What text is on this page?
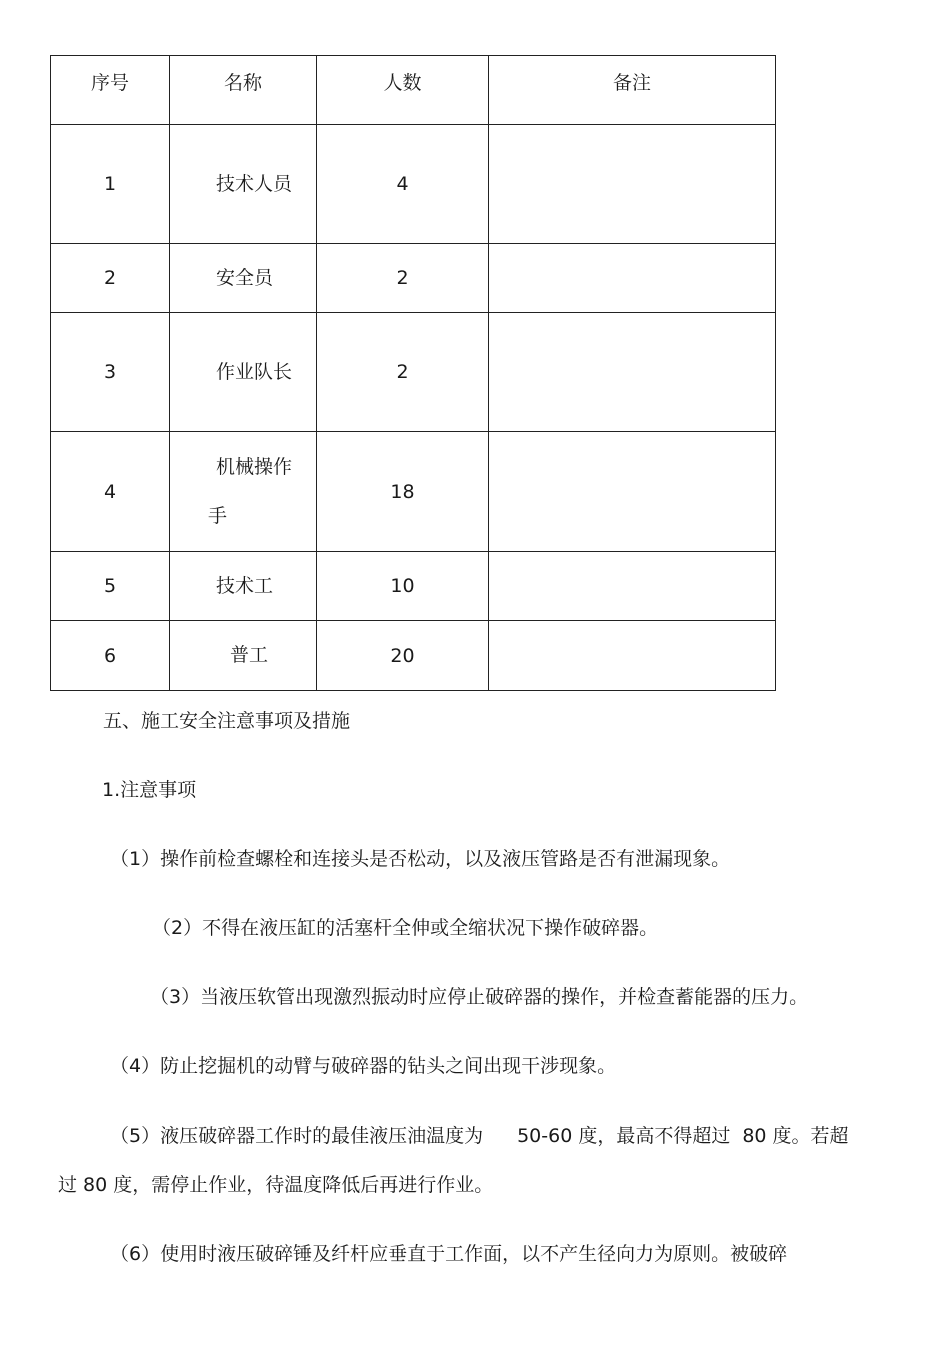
序号	名称	人数	备注
1	技术人员	4	
2	安全员	2	
3	作业队长	2	
4	机械操作手	18	
5	技术工	10	
6	普工	20	
五、施工安全注意事项及措施
1.注意事项
（1）操作前检查螺栓和连接头是否松动，以及液压管路是否有泄漏现象。
（2）不得在液压缸的活塞杆全伸或全缩状况下操作破碎器。
（3）当液压软管出现激烈振动时应停止破碎器的操作，并检查蓄能器的压力。
（4）防止挖掘机的动臂与破碎器的钻头之间出现干涉现象。
（5）液压破碎器工作时的最佳液压油温度为 50-60 度，最高不得超过 80 度。若超
过 80 度，需停止作业，待温度降低后再进行作业。
（6）使用时液压破碎锤及纤杆应垂直于工作面，以不产生径向力为原则。被破碎
